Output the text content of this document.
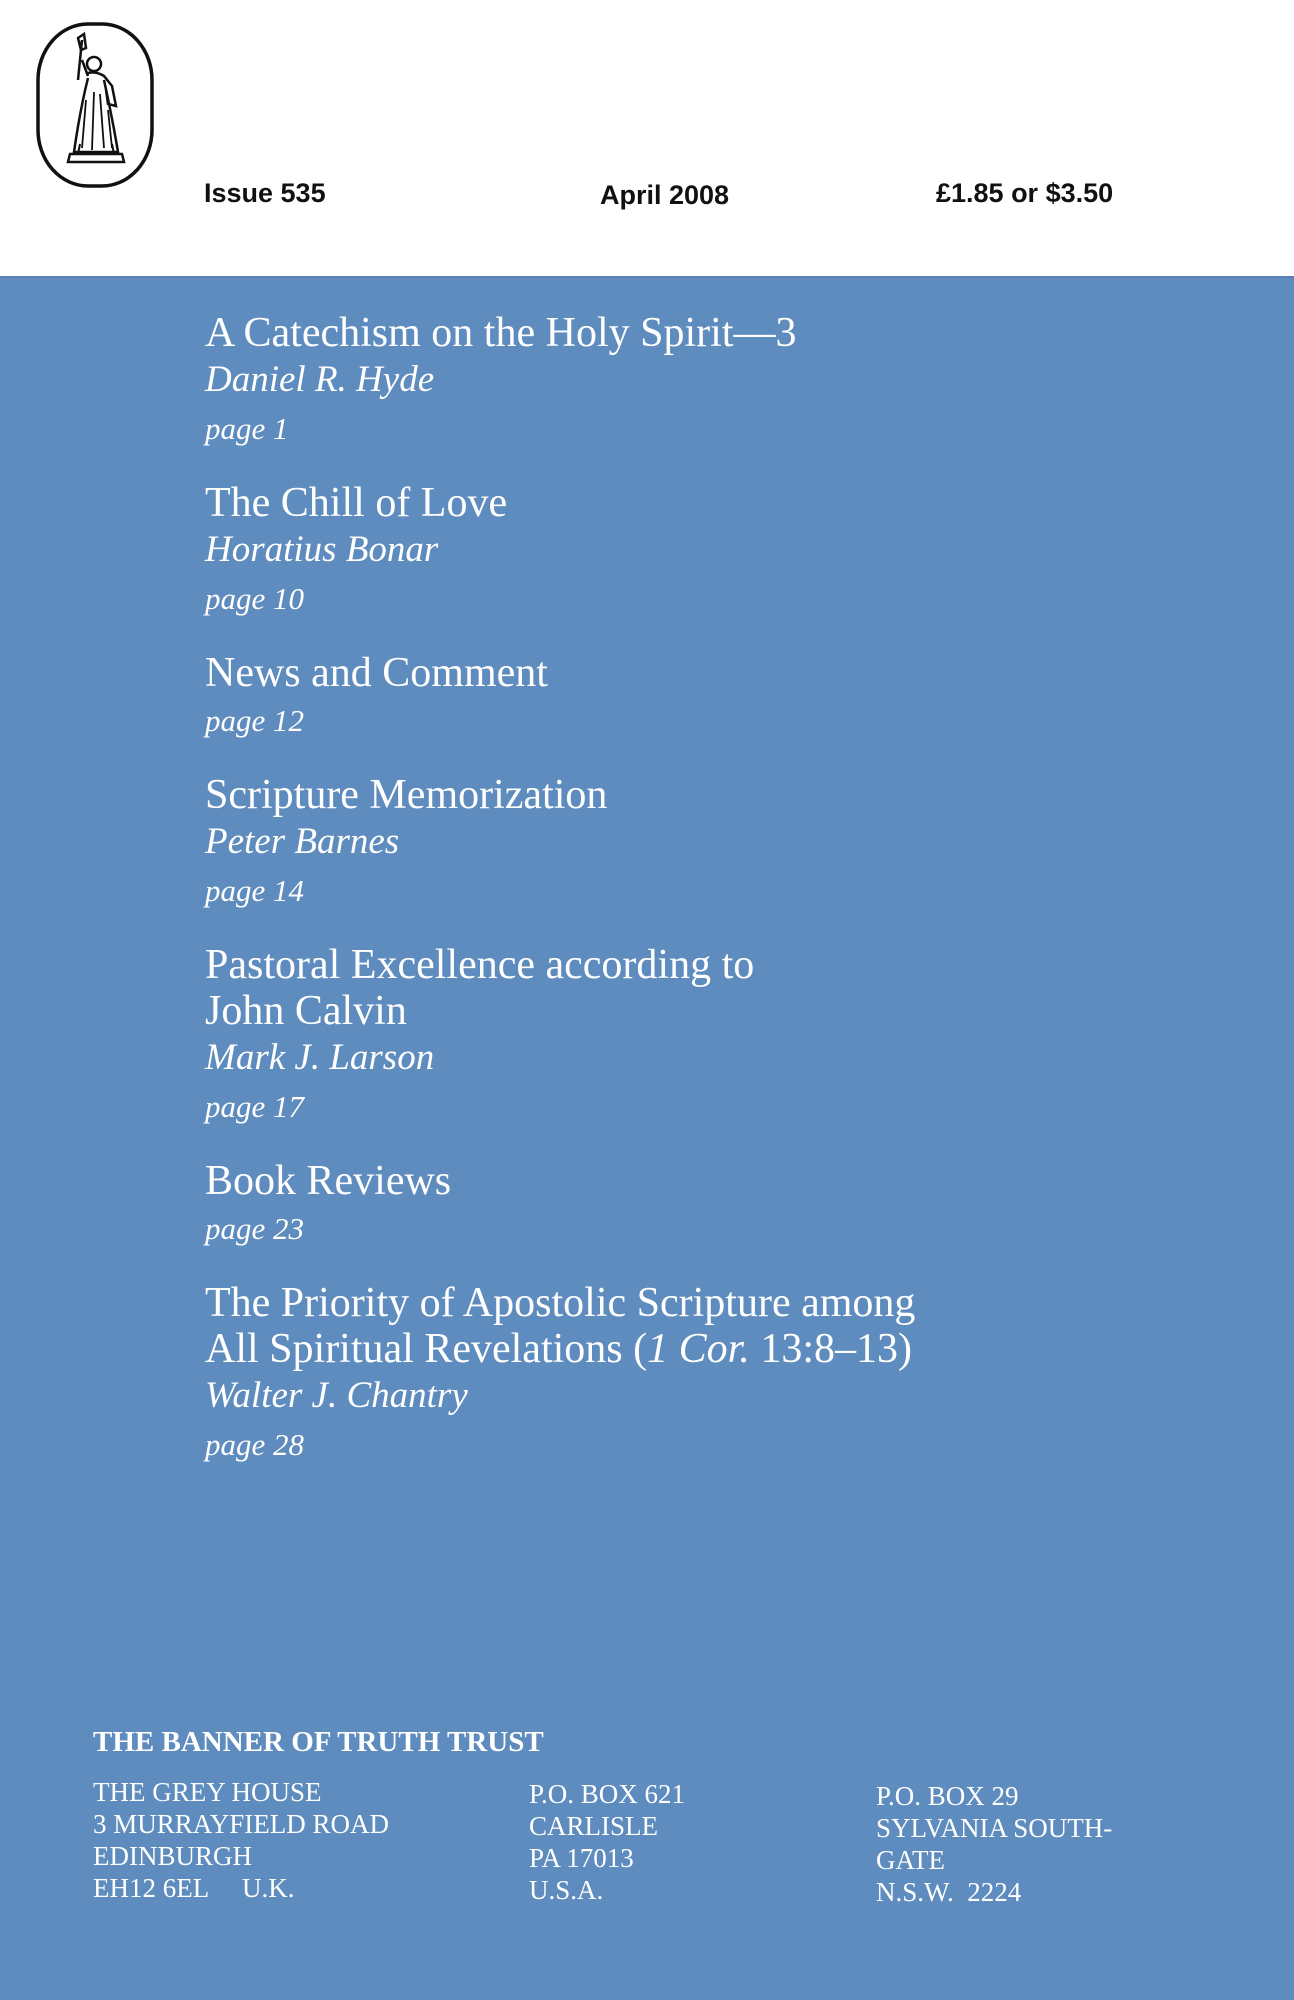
Issue 535	April 2008	£1.85 or $3.50

A Catechism on the Holy Spirit—3

Daniel R. Hyde

page 1

The Chill of Love

Horatius Bonar

page 10

News and Comment

page 12

Scripture Memorization

Peter Barnes

page 14

Pastoral Excellence according to

John Calvin

Mark J. Larson

page 17

Book Reviews

page 23

The Priority of Apostolic Scripture among

All Spiritual Revelations (1 Cor. 13:8–13)

Walter J. Chantry

page 28

THE BANNER OF TRUTH TRUST
THE GREY HOUSE
3 MURRAYFIELD ROAD
EDINBURGH
EH12 6EL     U.K.
P.O. BOX 621
CARLISLE
PA 17013
U.S.A.
P.O. BOX 29
SYLVANIA SOUTH-
GATE
N.S.W.  2224
